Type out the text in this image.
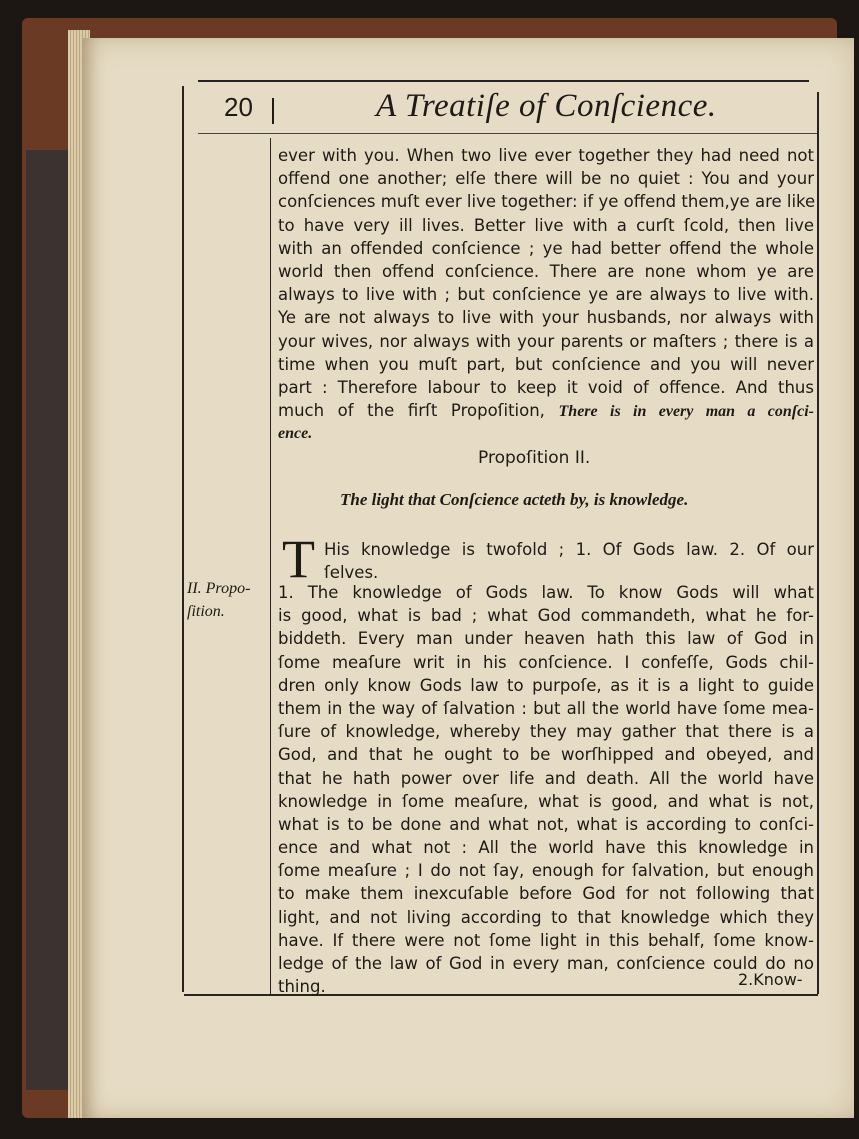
20	A Treatiſe of Conſcience.
ever with you. When two live ever together they had need not
offend one another; elſe there will be no quiet : You and your
conſciences muſt ever live together: if ye offend them,ye are like
to have very ill lives. Better live with a curſt ſcold, then live
with an offended conſcience ; ye had better offend the whole
world then offend conſcience. There are none whom ye are
always to live with ; but conſcience ye are always to live with.
Ye are not always to live with your husbands, nor always with
your wives, nor always with your parents or maſters ; there is a
time when you muſt part, but conſcience and you will never
part : Therefore labour to keep it void of offence. And thus
much of the firſt Propoſition, There is in every man a conſci-
ence.
Propoſition II.
The light that Conſcience acteth by, is knowledge.
T His knowledge is twofold ; 1. Of Gods law. 2. Of our
ſelves.
1. The knowledge of Gods law. To know Gods will what
is good, what is bad ; what God commandeth, what he for-
biddeth. Every man under heaven hath this law of God in
ſome meaſure writ in his conſcience. I confeſſe, Gods chil-
dren only know Gods law to purpoſe, as it is a light to guide
them in the way of ſalvation : but all the world have ſome mea-
ſure of knowledge, whereby they may gather that there is a
God, and that he ought to be worſhipped and obeyed, and
that he hath power over life and death. All the world have
knowledge in ſome meaſure, what is good, and what is not,
what is to be done and what not, what is according to conſci-
ence and what not : All the world have this knowledge in
ſome meaſure ; I do not ſay, enough for ſalvation, but enough
to make them inexcuſable before God for not following that
light, and not living according to that knowledge which they
have. If there were not ſome light in this behalf, ſome know-
ledge of the law of God in every man, conſcience could do no
thing.
II. Propo-
ſition.
2.Know-
